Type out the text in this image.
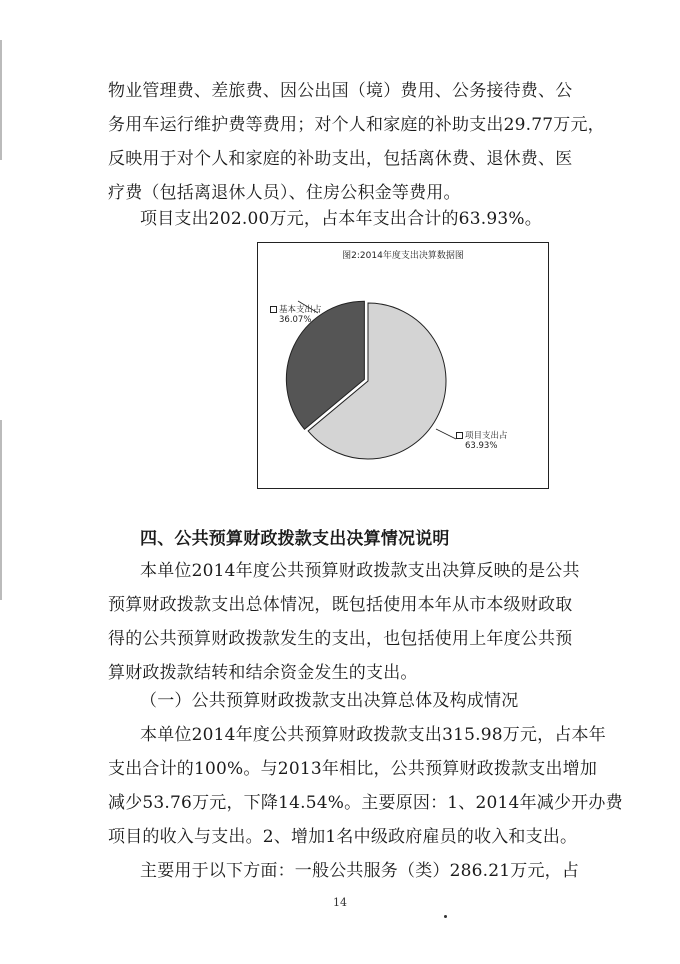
物业管理费、差旅费、因公出国（境）费用、公务接待费、公
务用车运行维护费等费用；对个人和家庭的补助支出29.77万元，
反映用于对个人和家庭的补助支出，包括离休费、退休费、医
疗费（包括离退休人员）、住房公积金等费用。
项目支出202.00万元，占本年支出合计的63.93%。
图2:2014年度支出决算数据图
基本支出占
36.07%
项目支出占
63.93%
四、公共预算财政拨款支出决算情况说明
本单位2014年度公共预算财政拨款支出决算反映的是公共
预算财政拨款支出总体情况，既包括使用本年从市本级财政取
得的公共预算财政拨款发生的支出，也包括使用上年度公共预
算财政拨款结转和结余资金发生的支出。
（一）公共预算财政拨款支出决算总体及构成情况
本单位2014年度公共预算财政拨款支出315.98万元，占本年
支出合计的100%。与2013年相比，公共预算财政拨款支出增加
减少53.76万元，下降14.54%。主要原因：1、2014年减少开办费
项目的收入与支出。2、增加1名中级政府雇员的收入和支出。
主要用于以下方面：一般公共服务（类）286.21万元，占
14
